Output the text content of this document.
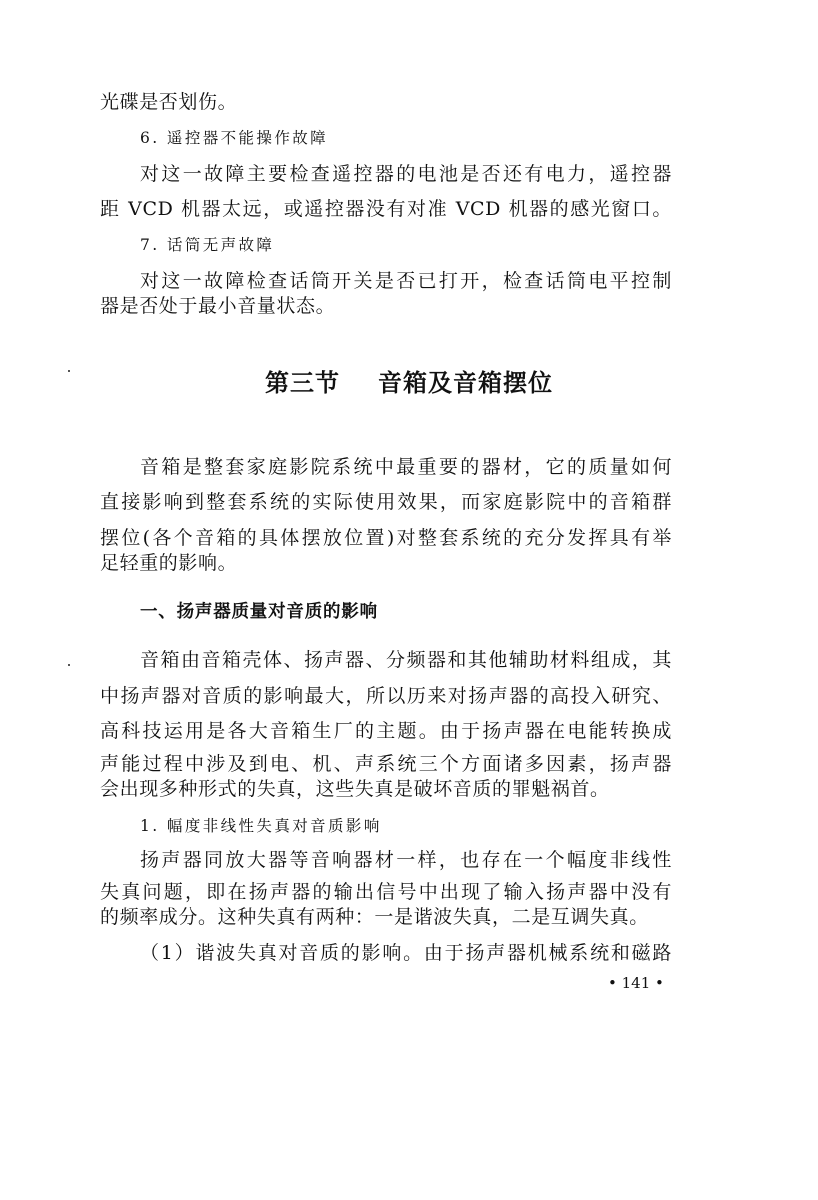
光碟是否划伤。
6. 遥控器不能操作故障
对这一故障主要检查遥控器的电池是否还有电力，遥控器
距 VCD 机器太远，或遥控器没有对准 VCD 机器的感光窗口。
7. 话筒无声故障
对这一故障检查话筒开关是否已打开，检查话筒电平控制
器是否处于最小音量状态。
第三节 音箱及音箱摆位
音箱是整套家庭影院系统中最重要的器材，它的质量如何
直接影响到整套系统的实际使用效果，而家庭影院中的音箱群
摆位(各个音箱的具体摆放位置)对整套系统的充分发挥具有举
足轻重的影响。
一、扬声器质量对音质的影响
音箱由音箱壳体、扬声器、分频器和其他辅助材料组成，其
中扬声器对音质的影响最大，所以历来对扬声器的高投入研究、
高科技运用是各大音箱生厂的主题。由于扬声器在电能转换成
声能过程中涉及到电、机、声系统三个方面诸多因素，扬声器
会出现多种形式的失真，这些失真是破坏音质的罪魁祸首。
1. 幅度非线性失真对音质影响
扬声器同放大器等音响器材一样，也存在一个幅度非线性
失真问题，即在扬声器的输出信号中出现了输入扬声器中没有
的频率成分。这种失真有两种：一是谐波失真，二是互调失真。
（1）谐波失真对音质的影响。由于扬声器机械系统和磁路
• 141 •
